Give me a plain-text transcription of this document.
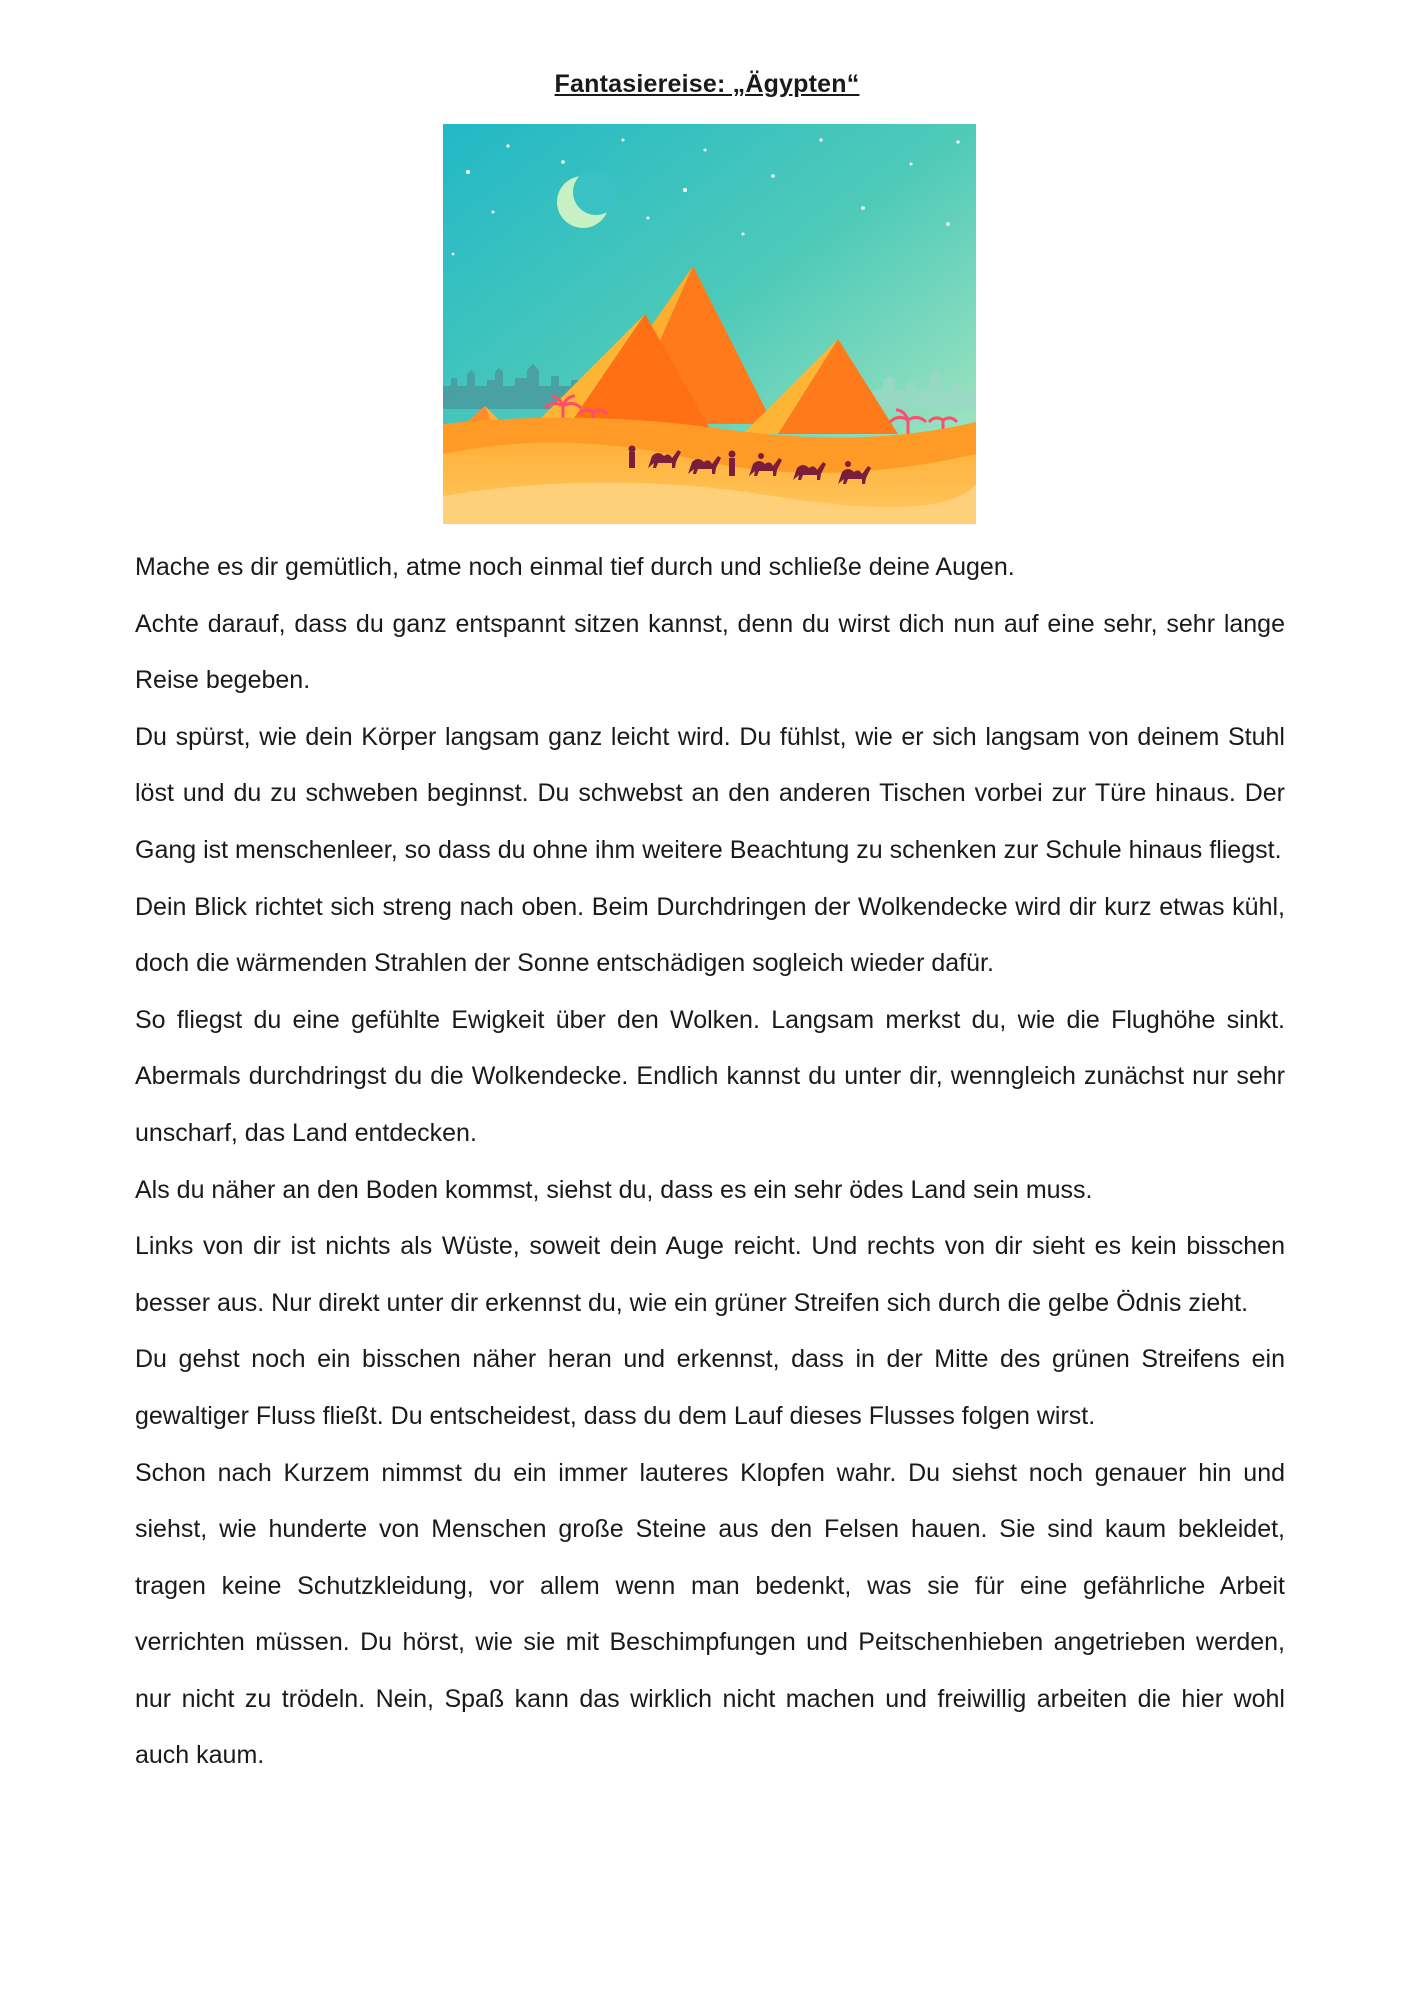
Fantasiereise: „Ägypten“

Mache es dir gemütlich, atme noch einmal tief durch und schließe deine Augen.

Achte darauf, dass du ganz entspannt sitzen kannst, denn du wirst dich nun auf eine sehr, sehr lange Reise begeben.

Du spürst, wie dein Körper langsam ganz leicht wird. Du fühlst, wie er sich langsam von deinem Stuhl löst und du zu schweben beginnst. Du schwebst an den anderen Tischen vorbei zur Türe hinaus. Der Gang ist menschenleer, so dass du ohne ihm weitere Beachtung zu schenken zur Schule hinaus fliegst.

Dein Blick richtet sich streng nach oben. Beim Durchdringen der Wolkendecke wird dir kurz etwas kühl, doch die wärmenden Strahlen der Sonne entschädigen sogleich wieder dafür.

So fliegst du eine gefühlte Ewigkeit über den Wolken. Langsam merkst du, wie die Flughöhe sinkt. Abermals durchdringst du die Wolkendecke. Endlich kannst du unter dir, wenngleich zunächst nur sehr unscharf, das Land entdecken.

Als du näher an den Boden kommst, siehst du, dass es ein sehr ödes Land sein muss.

Links von dir ist nichts als Wüste, soweit dein Auge reicht. Und rechts von dir sieht es kein bisschen besser aus. Nur direkt unter dir erkennst du, wie ein grüner Streifen sich durch die gelbe Ödnis zieht.

Du gehst noch ein bisschen näher heran und erkennst, dass in der Mitte des grünen Streifens ein gewaltiger Fluss fließt. Du entscheidest, dass du dem Lauf dieses Flusses folgen wirst.

Schon nach Kurzem nimmst du ein immer lauteres Klopfen wahr. Du siehst noch genauer hin und siehst, wie hunderte von Menschen große Steine aus den Felsen hauen. Sie sind kaum bekleidet, tragen keine Schutzkleidung, vor allem wenn man bedenkt, was sie für eine gefährliche Arbeit verrichten müssen. Du hörst, wie sie mit Beschimpfungen und Peitschenhieben angetrieben werden, nur nicht zu trödeln. Nein, Spaß kann das wirklich nicht machen und freiwillig arbeiten die hier wohl auch kaum.
